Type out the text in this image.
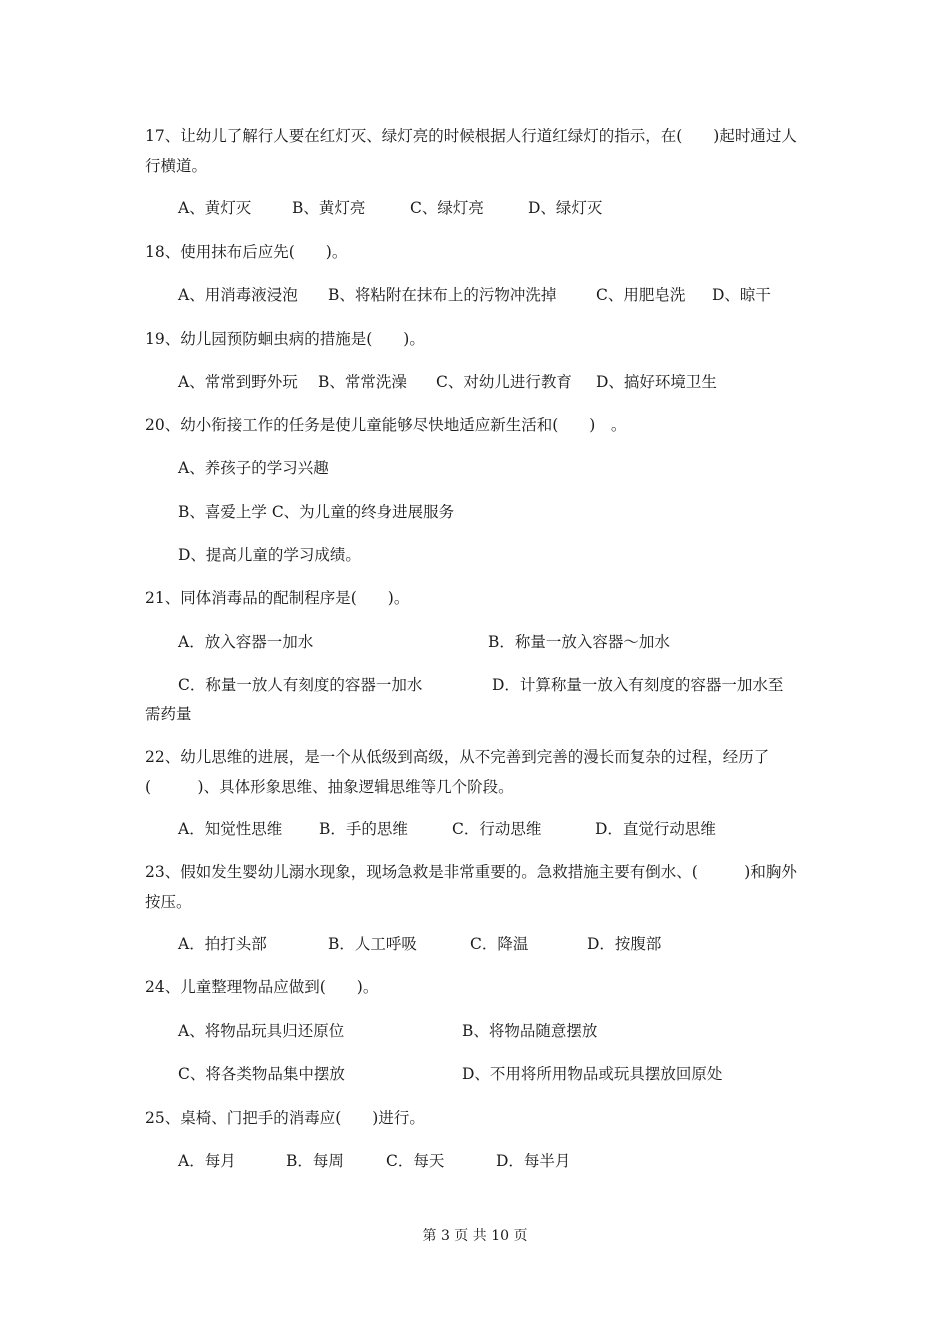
17、让幼儿了解行人要在红灯灭、绿灯亮的时候根据人行道红绿灯的指示，在(　　)起时通过人行横道。

A、黄灯灭	B、黄灯亮	C、绿灯亮	D、绿灯灭

18、使用抹布后应先(　　)。

A、用消毒液浸泡 B、将粘附在抹布上的污物冲洗掉	C、用肥皂洗 D、晾干

19、幼儿园预防蛔虫病的措施是(　　)。

A、常常到野外玩 B、常常洗澡 C、对幼儿进行教育 D、搞好环境卫生

20、幼小衔接工作的任务是使儿童能够尽快地适应新生活和(　　)　。

A、养孩子的学习兴趣
B、喜爱上学 C、为儿童的终身进展服务
D、提高儿童的学习成绩。

21、同体消毒品的配制程序是(　　)。

A．放入容器一加水	B．称量一放入容器～加水
C．称量一放人有刻度的容器一加水	D．计算称量一放入有刻度的容器一加水至
需药量

22、幼儿思维的进展，是一个从低级到高级，从不完善到完善的漫长而复杂的过程，经历了(　　　)、具体形象思维、抽象逻辑思维等几个阶段。

A．知觉性思维 B．手的思维	C．行动思维	D．直觉行动思维

23、假如发生婴幼儿溺水现象，现场急救是非常重要的。急救措施主要有倒水、(　　　)和胸外按压。

A．拍打头部	B．人工呼吸	C．降温	D．按腹部

24、儿童整理物品应做到(　　)。

A、将物品玩具归还原位	B、将物品随意摆放
C、将各类物品集中摆放	D、不用将所用物品或玩具摆放回原处

25、桌椅、门把手的消毒应(　　)进行。

A．每月	B．每周	C．每天	D．每半月
第 3 页 共 10 页
